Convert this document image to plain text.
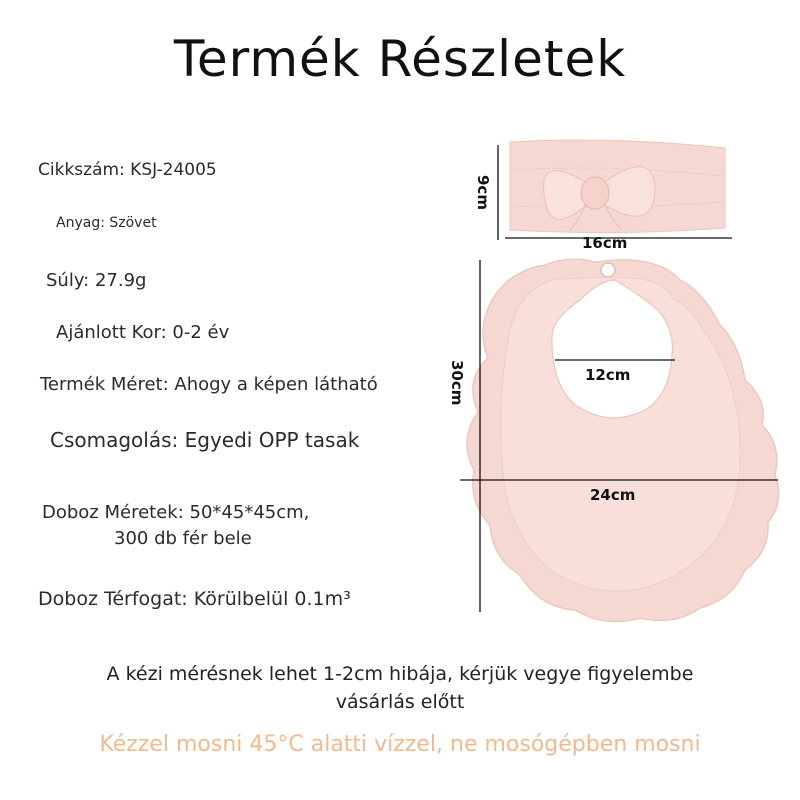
Termék Részletek
Cikkszám: KSJ-24005
Anyag: Szövet
Súly: 27.9g
Ajánlott Kor: 0-2 év
Termék Méret: Ahogy a képen látható
Csomagolás: Egyedi OPP tasak
Doboz Méretek: 50*45*45cm,
300 db fér bele
Doboz Térfogat: Körülbelül 0.1m³
9cm
16cm
30cm	12cm
24cm
A kézi mérésnek lehet 1-2cm hibája, kérjük vegye figyelembe vásárlás előtt
Kézzel mosni 45°C alatti vízzel, ne mosógépben mosni
